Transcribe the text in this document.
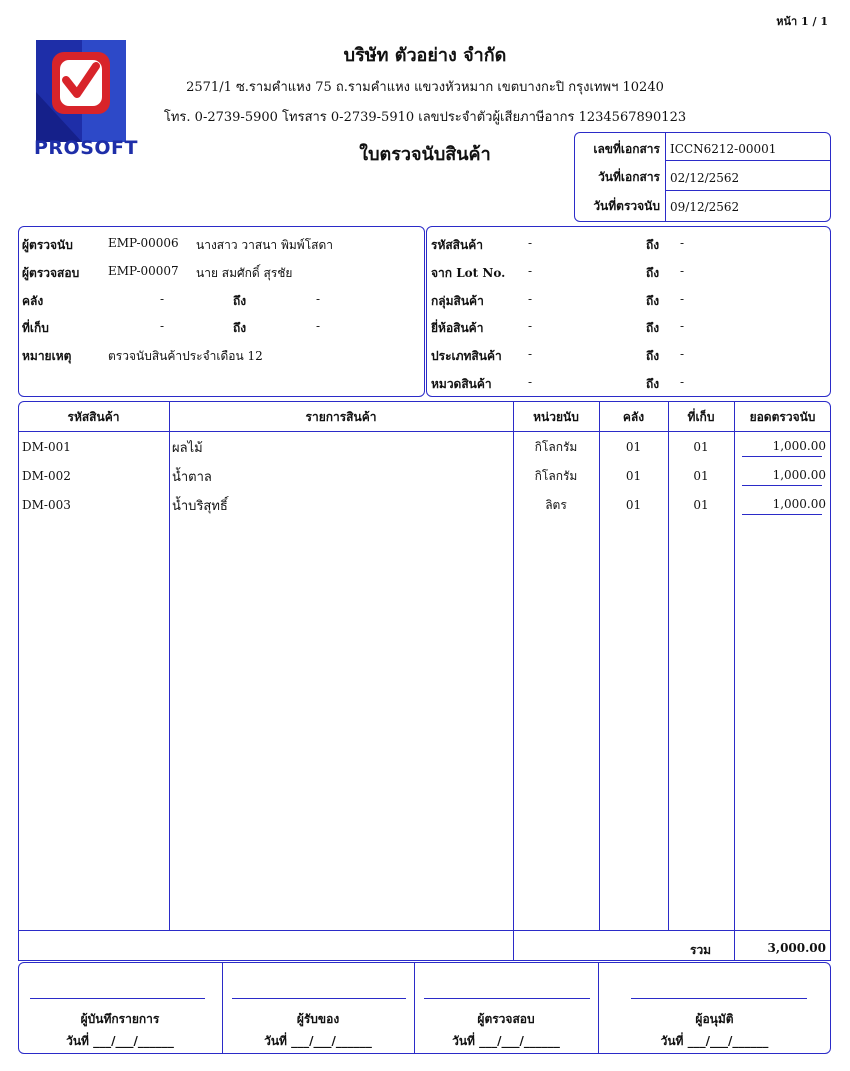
หน้า 1 / 1
PROSOFT
บริษัท ตัวอย่าง จำกัด
2571/1 ซ.รามคำแหง 75 ถ.รามคำแหง แขวงหัวหมาก เขตบางกะปิ กรุงเทพฯ 10240
โทร. 0-2739-5900 โทรสาร 0-2739-5910 เลขประจำตัวผู้เสียภาษีอากร 1234567890123
ใบตรวจนับสินค้า	เลขที่เอกสาร ICCN6212-00001
วันที่เอกสาร 02/12/2562
วันที่ตรวจนับ 09/12/2562
ผู้ตรวจนับ	EMP-00006 นางสาว วาสนา พิมพ์โสดา
ผู้ตรวจสอบ EMP-00007 นาย สมศักดิ์ สุรชัย
คลัง	-	ถึง	-
ที่เก็บ	-	ถึง	-
หมายเหตุ	ตรวจนับสินค้าประจำเดือน 12
รหัสสินค้า	-	ถึง -
จาก Lot No. -	ถึง -
กลุ่มสินค้า	-	ถึง -
ยี่ห้อสินค้า	-	ถึง -
ประเภทสินค้า -	ถึง -
หมวดสินค้า	-	ถึง -
รหัสสินค้า	รายการสินค้า	หน่วยนับ	คลัง	ที่เก็บ	ยอดตรวจนับ
DM-001	ผลไม้	กิโลกรัม	01	01	1,000.00
DM-002	น้ำตาล	กิโลกรัม	01	01	1,000.00
DM-003	น้ำบริสุทธิ์	ลิตร	01	01	1,000.00
รวม	3,000.00
ผู้บันทึกรายการ
วันที่ ___/___/______
ผู้รับของ
วันที่ ___/___/______
ผู้ตรวจสอบ
วันที่ ___/___/______
ผู้อนุมัติ
วันที่ ___/___/______
